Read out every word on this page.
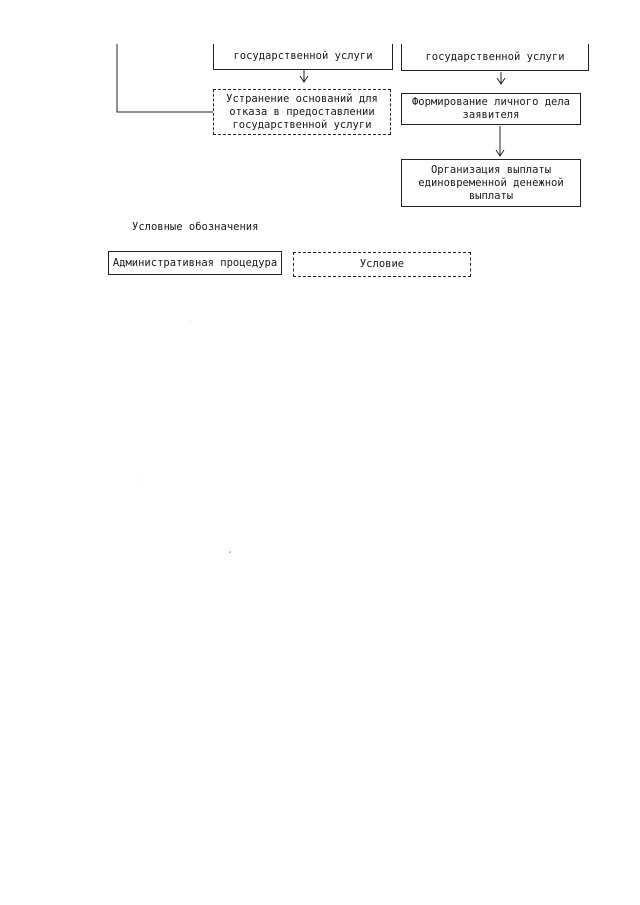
государственной услуги	государственной услуги
Устранение оснований для отказа в предоставлении государственной услуги
Формирование личного дела заявителя
Организация выплаты единовременной денежной выплаты
Условные обозначения
Административная процедура	Условие
